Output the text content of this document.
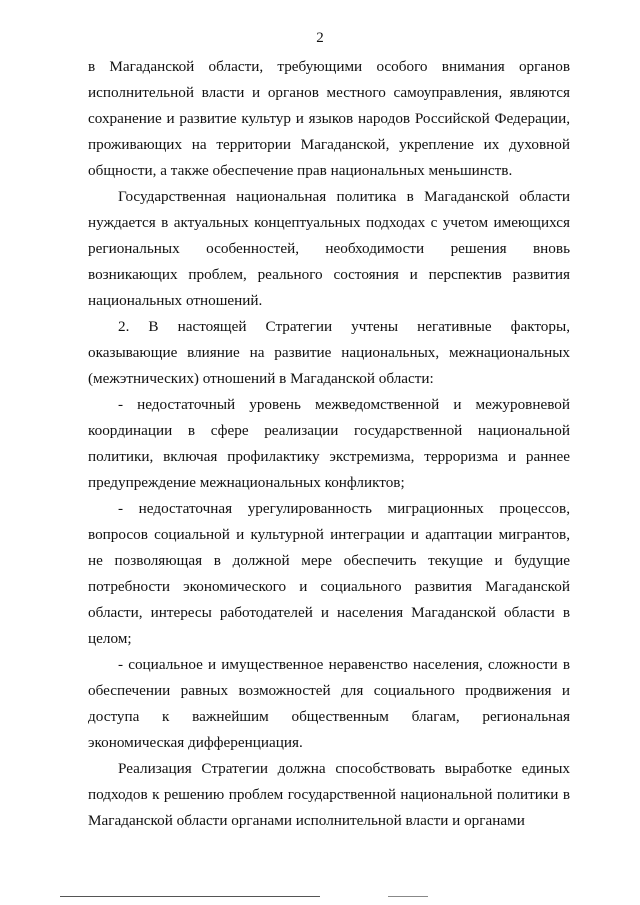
2

в Магаданской области, требующими особого внимания органов исполнительной власти и органов местного самоуправления, являются сохранение и развитие культур и языков народов Российской Федерации, проживающих на территории Магаданской, укрепление их духовной общности, а также обеспечение прав национальных меньшинств.

Государственная национальная политика в Магаданской области нуждается в актуальных концептуальных подходах с учетом имеющихся региональных особенностей, необходимости решения вновь возникающих проблем, реального состояния и перспектив развития национальных отношений.

2. В настоящей Стратегии учтены негативные факторы, оказывающие влияние на развитие национальных, межнациональных (межэтнических) отношений в Магаданской области:

- недостаточный уровень межведомственной и межуровневой координации в сфере реализации государственной национальной политики, включая профилактику экстремизма, терроризма и раннее предупреждение межнациональных конфликтов;

- недостаточная урегулированность миграционных процессов, вопросов социальной и культурной интеграции и адаптации мигрантов, не позволяющая в должной мере обеспечить текущие и будущие потребности экономического и социального развития Магаданской области, интересы работодателей и населения Магаданской области в целом;

- социальное и имущественное неравенство населения, сложности в обеспечении равных возможностей для социального продвижения и доступа к важнейшим общественным благам, региональная экономическая дифференциация.

Реализация Стратегии должна способствовать выработке единых подходов к решению проблем государственной национальной политики в Магаданской области органами исполнительной власти и органами
